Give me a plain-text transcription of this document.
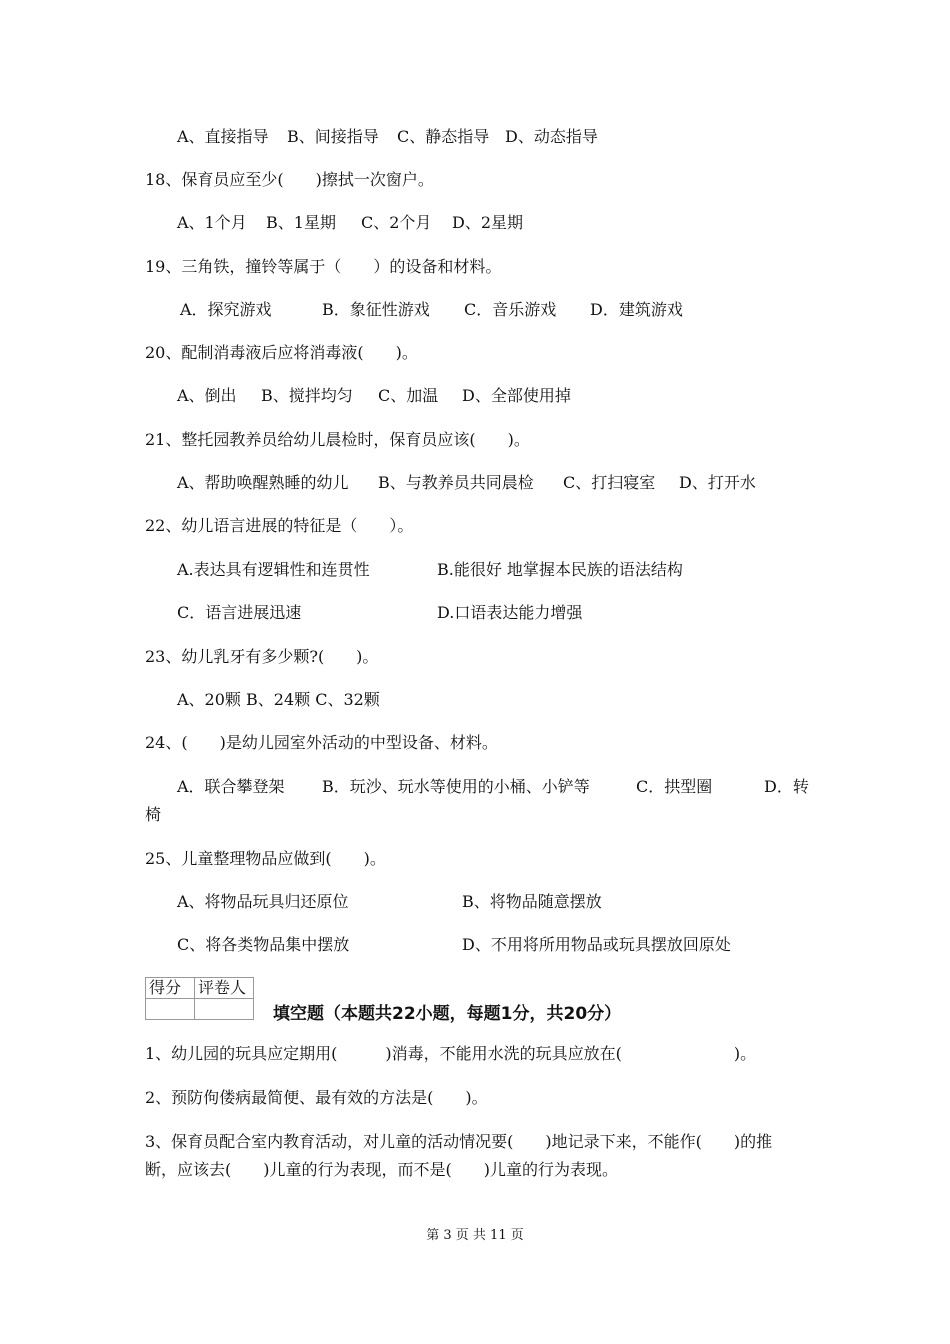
A、直接指导 B、间接指导 C、静态指导 D、动态指导
18、保育员应至少(　　)擦拭一次窗户。
A、1个月 B、1星期 C、2个月 D、2星期
19、三角铁，撞铃等属于（　　）的设备和材料。
A．探究游戏	B．象征性游戏 C．音乐游戏 D．建筑游戏
20、配制消毒液后应将消毒液(　　)。
A、倒出 B、搅拌均匀 C、加温 D、全部使用掉
21、整托园教养员给幼儿晨检时，保育员应该(　　)。
A、帮助唤醒熟睡的幼儿 B、与教养员共同晨检 C、打扫寝室 D、打开水
22、幼儿语言进展的特征是（　　）。
A.表达具有逻辑性和连贯性	B.能很好 地掌握本民族的语法结构
C．语言进展迅速	D.口语表达能力增强
23、幼儿乳牙有多少颗?(　　)。
A、20颗 B、24颗 C、32颗
24、(　　)是幼儿园室外活动的中型设备、材料。
A．联合攀登架 B．玩沙、玩水等使用的小桶、小铲等	C．拱型圈	D．转
椅
25、儿童整理物品应做到(　　)。
A、将物品玩具归还原位	B、将物品随意摆放
C、将各类物品集中摆放	D、不用将所用物品或玩具摆放回原处
得分	评卷人

填空题（本题共22小题，每题1分，共20分）
1、幼儿园的玩具应定期用(　　　)消毒，不能用水洗的玩具应放在(　　　　　　　)。
2、预防佝偻病最简便、最有效的方法是(　　)。
3、保育员配合室内教育活动，对儿童的活动情况要(　　)地记录下来，不能作(　　)的推
断，应该去(　　)儿童的行为表现，而不是(　　)儿童的行为表现。
第 3 页 共 11 页
